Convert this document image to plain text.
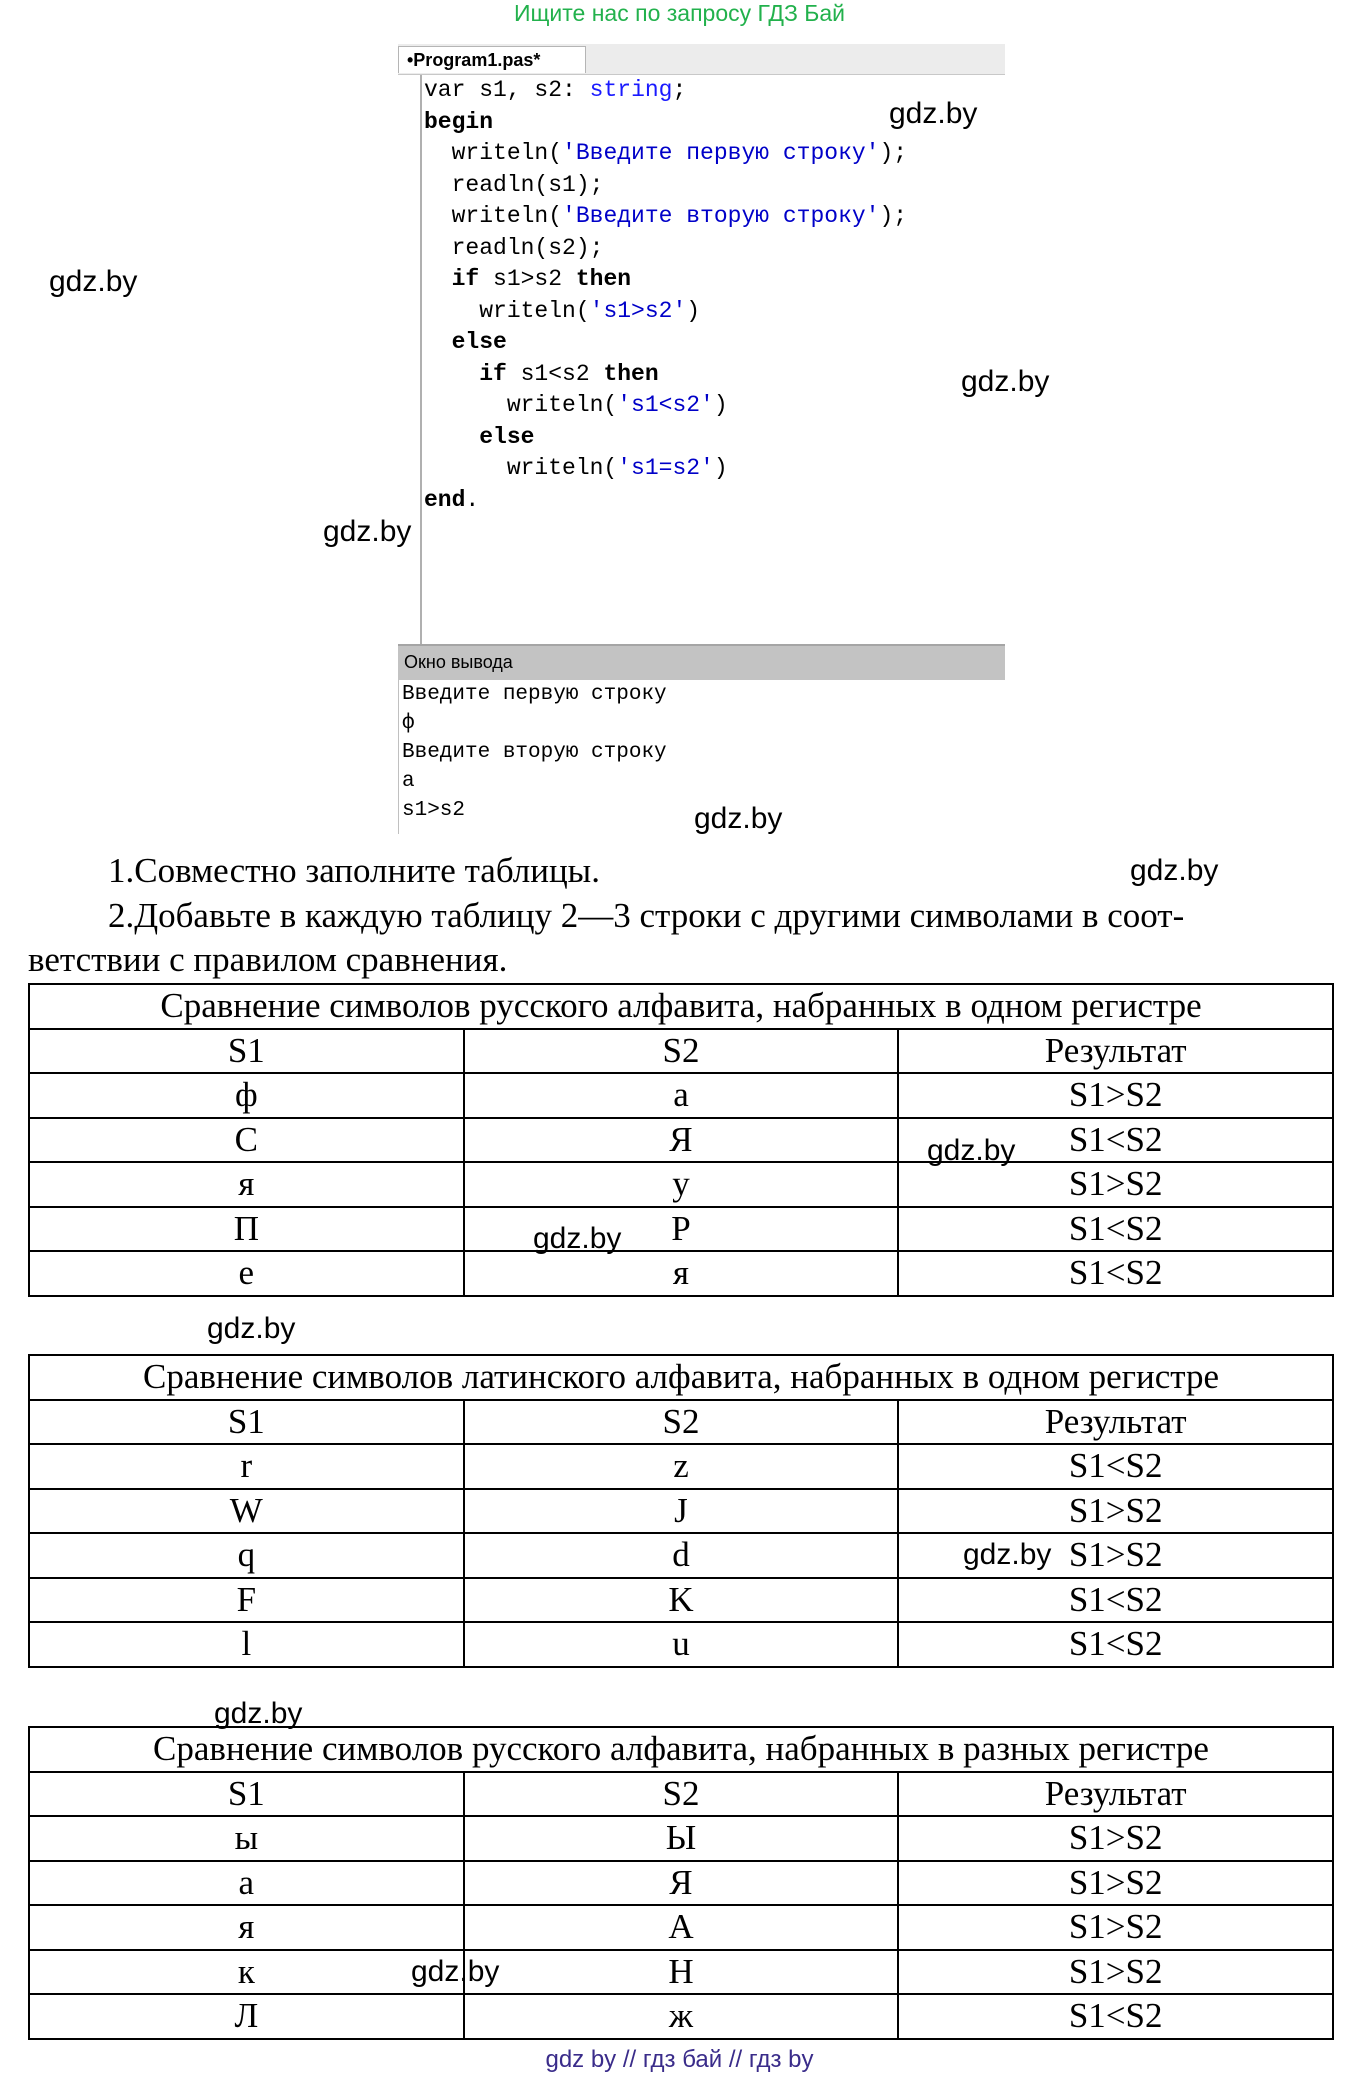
Ищите нас по запросу ГДЗ Бай
•Program1.pas*
var s1, s2: string;
begin
writeln('Введите первую строку');
readln(s1);
writeln('Введите вторую строку');
readln(s2);
if s1>s2 then
writeln('s1>s2')
else
if s1<s2 then
writeln('s1<s2')
else
writeln('s1=s2')
end.
Окно вывода
Введите первую строку
ф
Введите вторую строку
а
s1>s2
gdz.by
gdz.by
gdz.by
gdz.by
gdz.by
gdz.by
1.Совместно заполните таблицы.
2.Добавьте в каждую таблицу 2—3 строки с другими символами в соот-
ветствии с правилом сравнения.
Сравнение символов русского алфавита, набранных в одном регистре		
S1	S2	Результат
ф	а	S1>S2
С	Я	S1<S2
я	у	S1>S2
П	Р	S1<S2
е	я	S1<S2
Сравнение символов латинского алфавита, набранных в одном регистре		
S1	S2	Результат
r	z	S1<S2
W	J	S1>S2
q	d	S1>S2
F	K	S1<S2
l	u	S1<S2
Сравнение символов русского алфавита, набранных в разных регистре		
S1	S2	Результат
ы	Ы	S1>S2
а	Я	S1>S2
я	А	S1>S2
к	Н	S1>S2
Л	ж	S1<S2
gdz.by
gdz.by
gdz.by
gdz.by
gdz.by
gdz.by
gdz by // гдз бай // гдз by
